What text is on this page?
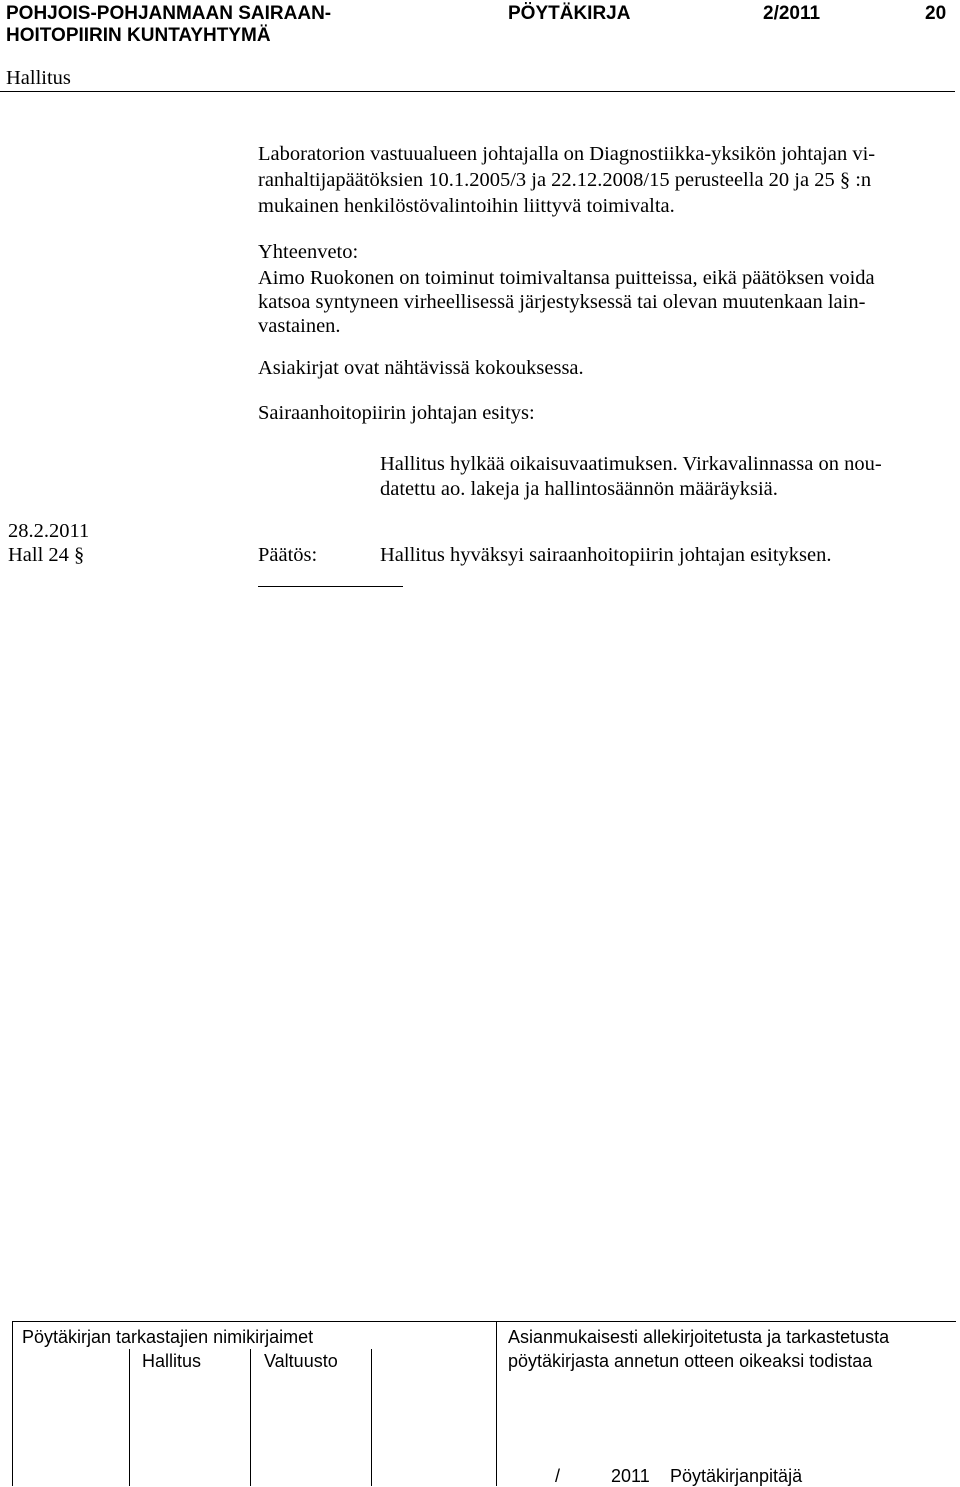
POHJOIS-POHJANMAAN SAIRAAN-
HOITOPIIRIN KUNTAYHTYMÄ
PÖYTÄKIRJA	2/2011	20
Hallitus
Laboratorion vastuualueen johtajalla on Diagnostiikka-yksikön johtajan vi-
ranhaltijapäätöksien 10.1.2005/3 ja 22.12.2008/15 perusteella 20 ja 25 § :n
mukainen henkilöstövalintoihin liittyvä toimivalta.
Yhteenveto:
Aimo Ruokonen on toiminut toimivaltansa puitteissa, eikä päätöksen voida
katsoa syntyneen virheellisessä järjestyksessä tai olevan muutenkaan lain-
vastainen.
Asiakirjat ovat nähtävissä kokouksessa.
Sairaanhoitopiirin johtajan esitys:
Hallitus hylkää oikaisuvaatimuksen. Virkavalinnassa on nou-
datettu ao. lakeja ja hallintosäännön määräyksiä.
28.2.2011
Hall 24 §	Päätös:	Hallitus hyväksyi sairaanhoitopiirin johtajan esityksen.
Pöytäkirjan tarkastajien nimikirjaimet
Hallitus	Valtuusto
Asianmukaisesti allekirjoitetusta ja tarkastetusta
pöytäkirjasta annetun otteen oikeaksi todistaa
/	2011 Pöytäkirjanpitäjä
